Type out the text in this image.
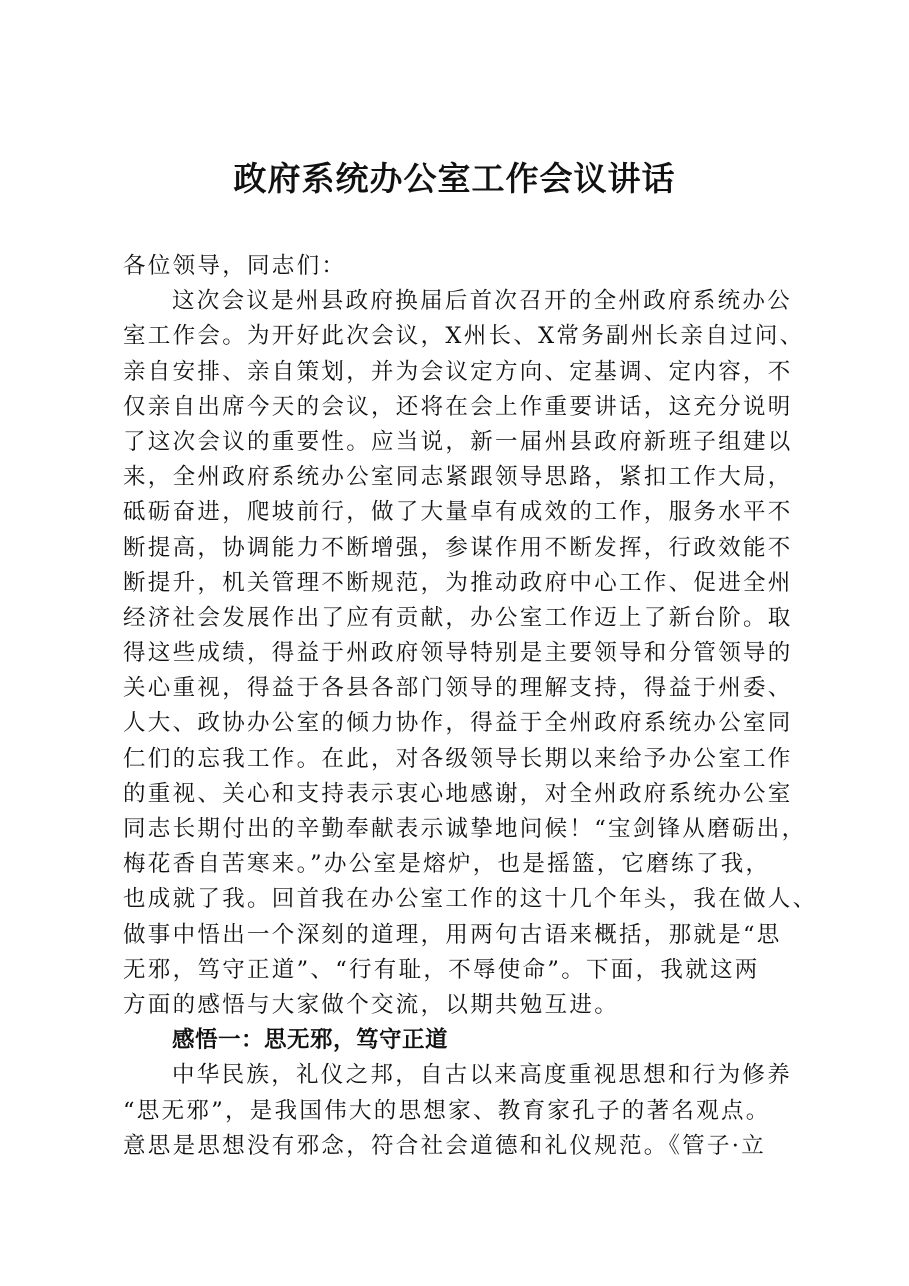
政府系统办公室工作会议讲话
各位领导，同志们：
这次会议是州县政府换届后首次召开的全州政府系统办公
室工作会。为开好此次会议，X州长、X常务副州长亲自过问、
亲自安排、亲自策划，并为会议定方向、定基调、定内容，不
仅亲自出席今天的会议，还将在会上作重要讲话，这充分说明
了这次会议的重要性。应当说，新一届州县政府新班子组建以
来，全州政府系统办公室同志紧跟领导思路，紧扣工作大局，
砥砺奋进，爬坡前行，做了大量卓有成效的工作，服务水平不
断提高，协调能力不断增强，参谋作用不断发挥，行政效能不
断提升，机关管理不断规范，为推动政府中心工作、促进全州
经济社会发展作出了应有贡献，办公室工作迈上了新台阶。取
得这些成绩，得益于州政府领导特别是主要领导和分管领导的
关心重视，得益于各县各部门领导的理解支持，得益于州委、
人大、政协办公室的倾力协作，得益于全州政府系统办公室同
仁们的忘我工作。在此，对各级领导长期以来给予办公室工作
的重视、关心和支持表示衷心地感谢，对全州政府系统办公室
同志长期付出的辛勤奉献表示诚挚地问候！“宝剑锋从磨砺出，
梅花香自苦寒来。”办公室是熔炉，也是摇篮，它磨练了我，
也成就了我。回首我在办公室工作的这十几个年头，我在做人、
做事中悟出一个深刻的道理，用两句古语来概括，那就是“思
无邪，笃守正道”、“行有耻，不辱使命”。下面，我就这两
方面的感悟与大家做个交流，以期共勉互进。
感悟一：思无邪，笃守正道
中华民族，礼仪之邦，自古以来高度重视思想和行为修养
“思无邪”，是我国伟大的思想家、教育家孔子的著名观点。
意思是思想没有邪念，符合社会道德和礼仪规范。《管子·立
